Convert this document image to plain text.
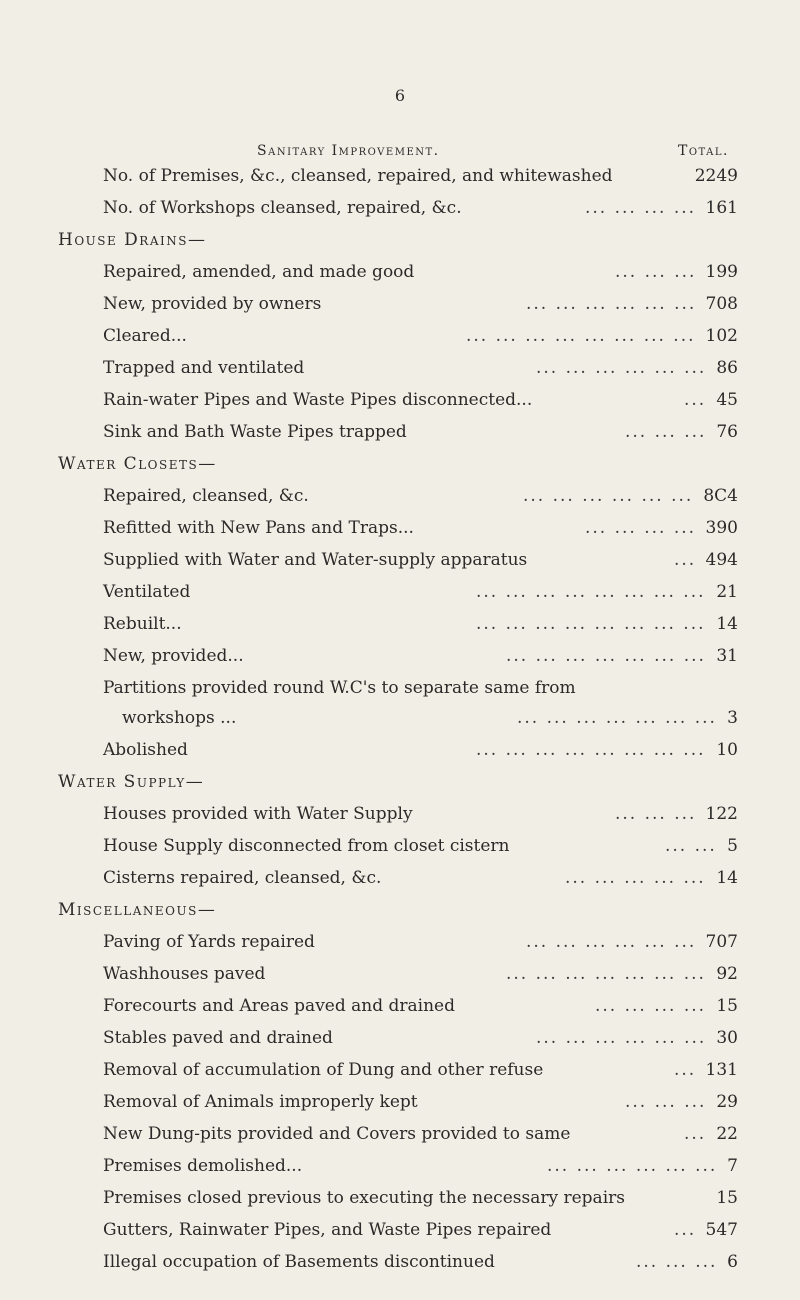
6
Sanitary Improvement.	Total.
No. of Premises, &c., cleansed, repaired, and whitewashed	2249
No. of Workshops cleansed, repaired, &c.	... ... ... ... 161
House Drains—
Repaired, amended, and made good	... ... ... 199
New, provided by owners	... ... ... ... ... ... 708
Cleared...	... ... ... ... ... ... ... ... 102
Trapped and ventilated	... ... ... ... ... ... 86
Rain-water Pipes and Waste Pipes disconnected...	... 45
Sink and Bath Waste Pipes trapped	... ... ... 76
Water Closets—
Repaired, cleansed, &c.	... ... ... ... ... ... 8C4
Refitted with New Pans and Traps...	... ... ... ... 390
Supplied with Water and Water-supply apparatus	... 494
Ventilated	... ... ... ... ... ... ... ... 21
Rebuilt...	... ... ... ... ... ... ... ... 14
New, provided...	... ... ... ... ... ... ... 31
Partitions provided round W.C's to separate same from
workshops ...	... ... ... ... ... ... ... 3
Abolished	... ... ... ... ... ... ... ... 10
Water Supply—
Houses provided with Water Supply	... ... ... 122
House Supply disconnected from closet cistern	... ... 5
Cisterns repaired, cleansed, &c.	... ... ... ... ... 14
Miscellaneous—
Paving of Yards repaired	... ... ... ... ... ... 707
Washhouses paved	... ... ... ... ... ... ... 92
Forecourts and Areas paved and drained	... ... ... ... 15
Stables paved and drained	... ... ... ... ... ... 30
Removal of accumulation of Dung and other refuse	... 131
Removal of Animals improperly kept	... ... ... 29
New Dung-pits provided and Covers provided to same	... 22
Premises demolished...	... ... ... ... ... ... 7
Premises closed previous to executing the necessary repairs	15
Gutters, Rainwater Pipes, and Waste Pipes repaired	... 547
Illegal occupation of Basements discontinued	... ... ... 6
